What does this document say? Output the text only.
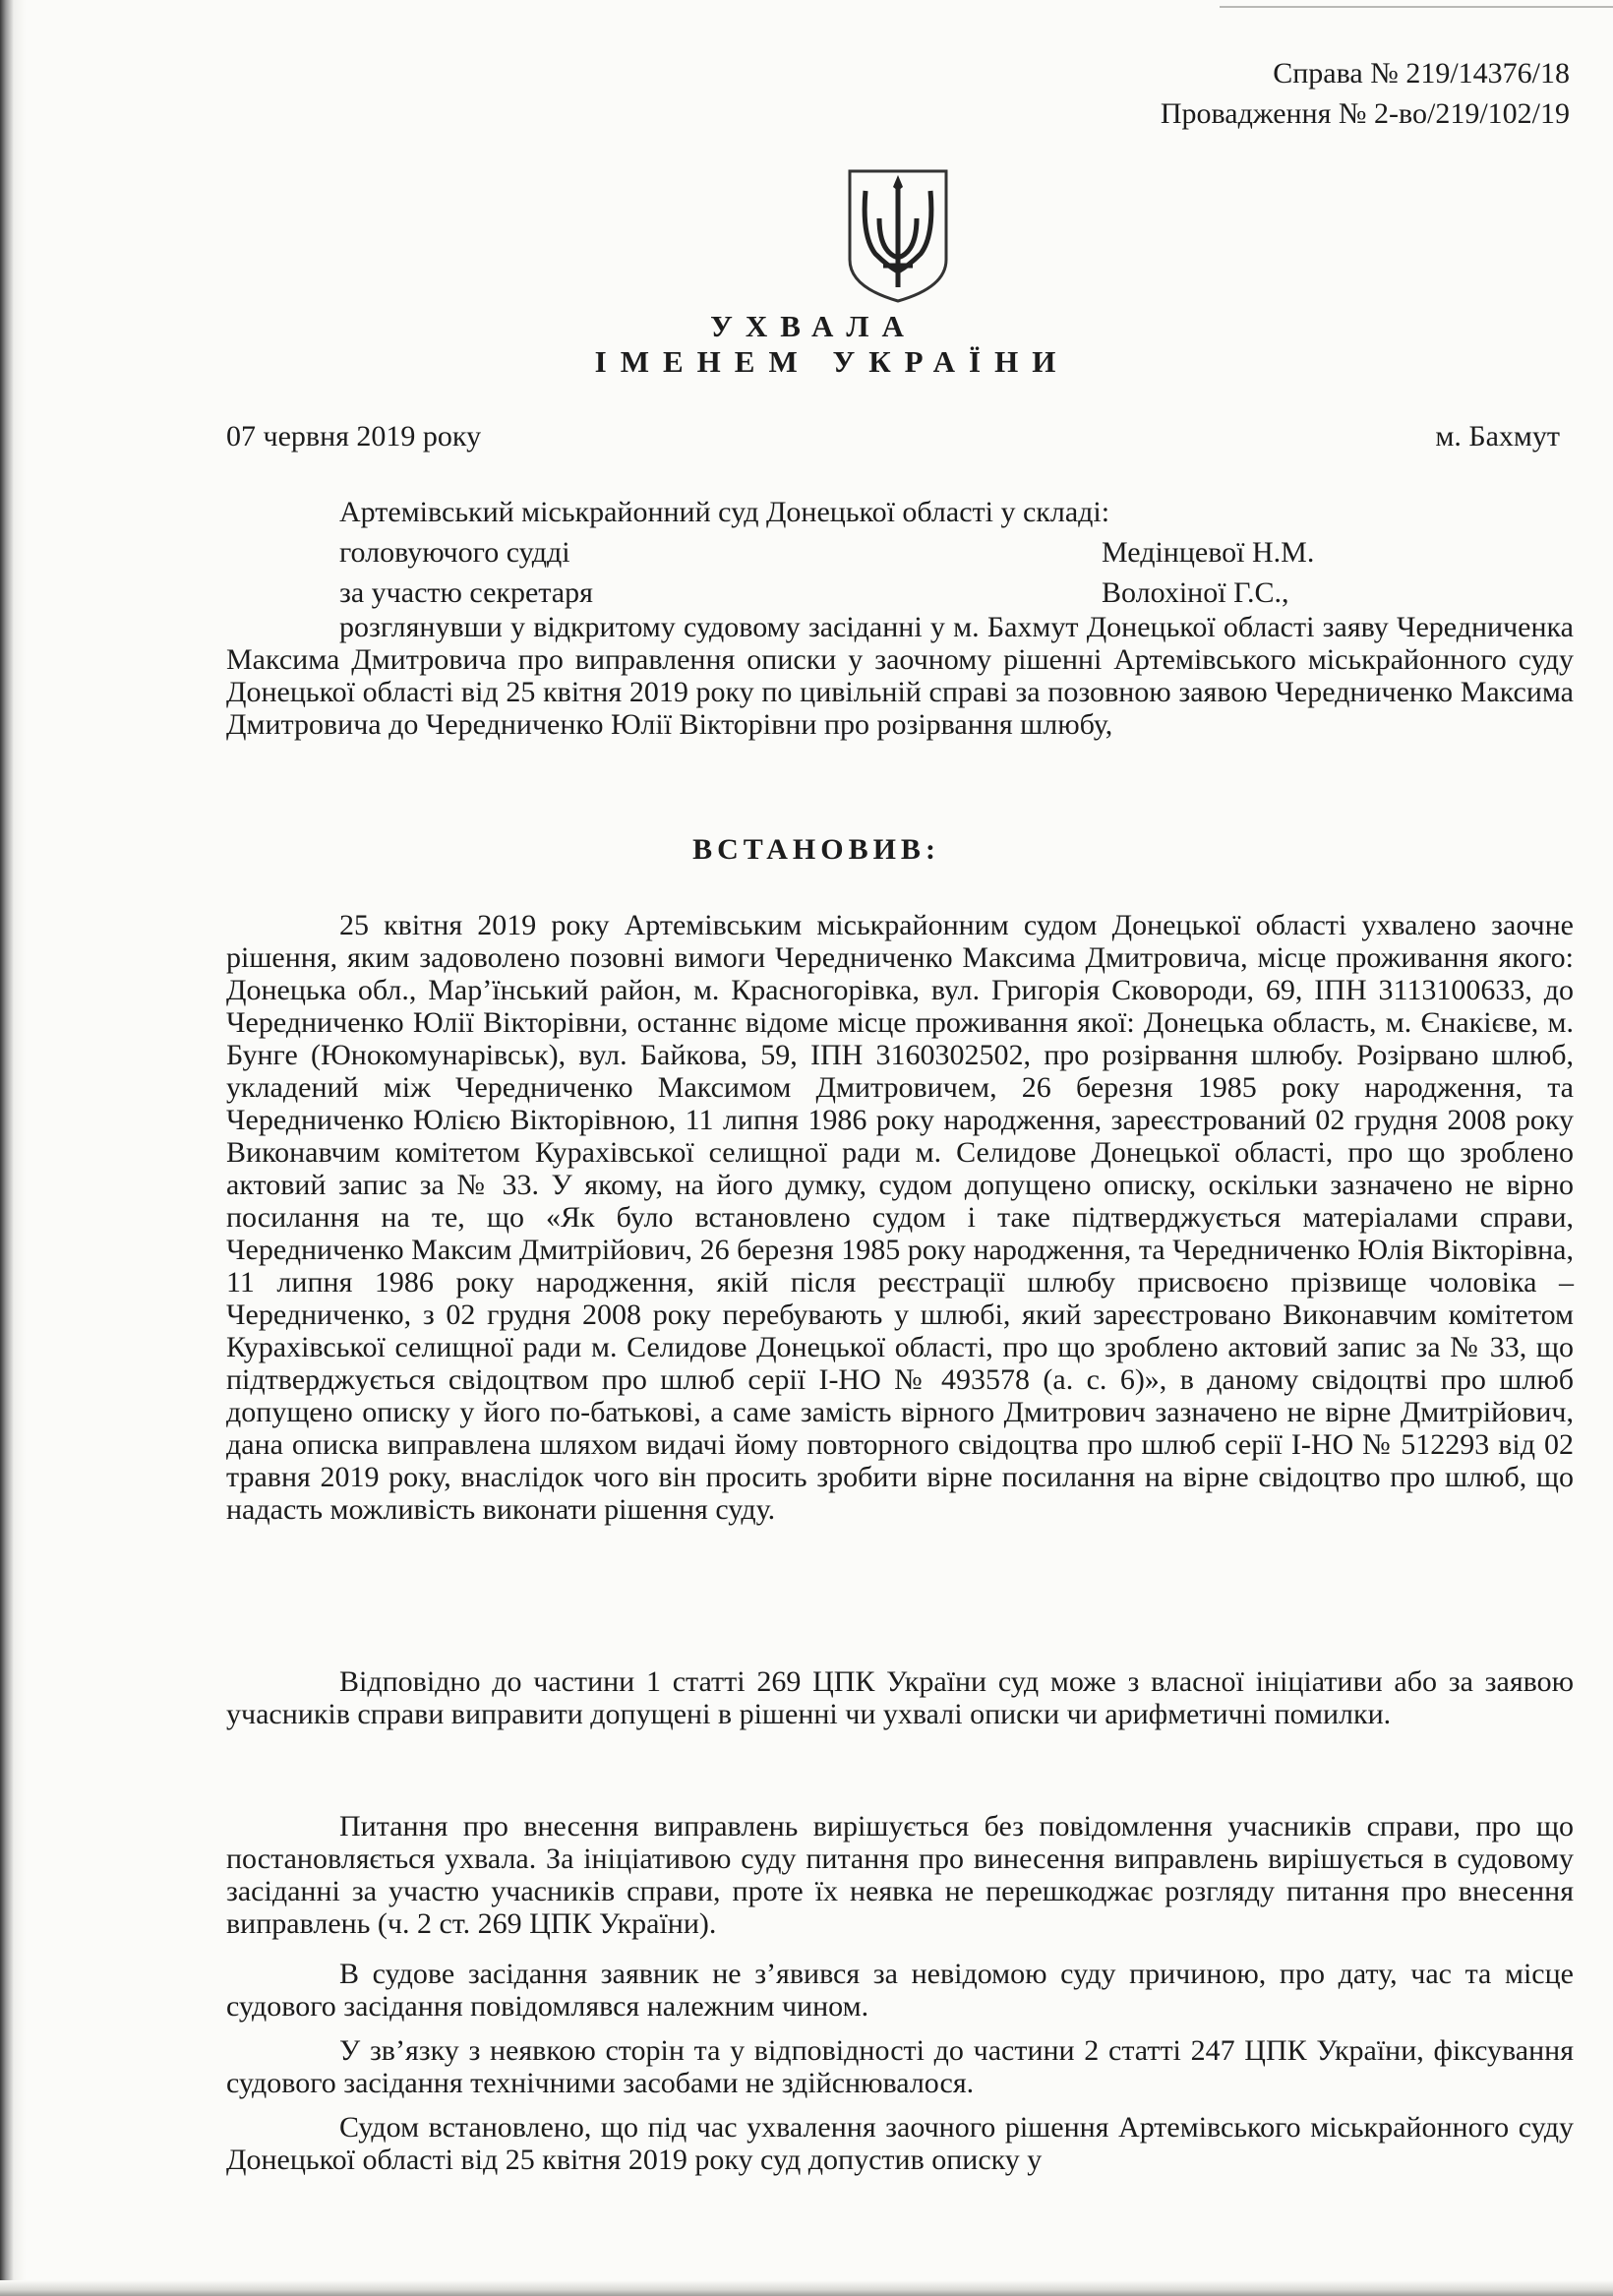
Справа № 219/14376/18
Провадження № 2-во/219/102/19
УХВАЛА
ІМЕНЕМ УКРАЇНИ
07 червня 2019 року	м. Бахмут
Артемівський міськрайонний суд Донецької області у складі:
головуючого судді	Медінцевої Н.М.
за участю секретаря	Волохіної Г.С.,
розглянувши у відкритому судовому засіданні у м. Бахмут Донецької області заяву Чередниченка Максима Дмитровича про виправлення описки у заочному рішенні Артемівського міськрайонного суду Донецької області від 25 квітня 2019 року по цивільній справі за позовною заявою Чередниченко Максима Дмитровича до Чередниченко Юлії Вікторівни про розірвання шлюбу,
ВСТАНОВИВ:
25 квітня 2019 року Артемівським міськрайонним судом Донецької області ухвалено заочне рішення, яким задоволено позовні вимоги Чередниченко Максима Дмитровича, місце проживання якого: Донецька обл., Мар’їнський район, м. Красногорівка, вул. Григорія Сковороди, 69, ІПН 3113100633, до Чередниченко Юлії Вікторівни, останнє відоме місце проживання якої: Донецька область, м. Єнакієве, м. Бунге (Юнокомунарівськ), вул. Байкова, 59, ІПН 3160302502, про розірвання шлюбу. Розірвано шлюб, укладений між Чередниченко Максимом Дмитровичем, 26 березня 1985 року народження, та Чередниченко Юлією Вікторівною, 11 липня 1986 року народження, зареєстрований 02 грудня 2008 року Виконавчим комітетом Курахівської селищної ради м. Селидове Донецької області, про що зроблено актовий запис за № 33. У якому, на його думку, судом допущено описку, оскільки зазначено не вірно посилання на те, що «Як було встановлено судом і таке підтверджується матеріалами справи, Чередниченко Максим Дмитрійович, 26 березня 1985 року народження, та Чередниченко Юлія Вікторівна, 11 липня 1986 року народження, якій після реєстрації шлюбу присвоєно прізвище чоловіка – Чередниченко, з 02 грудня 2008 року перебувають у шлюбі, який зареєстровано Виконавчим комітетом Курахівської селищної ради м. Селидове Донецької області, про що зроблено актовий запис за № 33, що підтверджується свідоцтвом про шлюб серії І-НО № 493578 (а. с. 6)», в даному свідоцтві про шлюб допущено описку у його по-батькові, а саме замість вірного Дмитрович зазначено не вірне Дмитрійович, дана описка виправлена шляхом видачі йому повторного свідоцтва про шлюб серії І-НО № 512293 від 02 травня 2019 року, внаслідок чого він просить зробити вірне посилання на вірне свідоцтво про шлюб, що надасть можливість виконати рішення суду.
Відповідно до частини 1 статті 269 ЦПК України суд може з власної ініціативи або за заявою учасників справи виправити допущені в рішенні чи ухвалі описки чи арифметичні помилки.
Питання про внесення виправлень вирішується без повідомлення учасників справи, про що постановляється ухвала. За ініціативою суду питання про винесення виправлень вирішується в судовому засіданні за участю учасників справи, проте їх неявка не перешкоджає розгляду питання про внесення виправлень (ч. 2 ст. 269 ЦПК України).
В судове засідання заявник не з’явився за невідомою суду причиною, про дату, час та місце судового засідання повідомлявся належним чином.
У зв’язку з неявкою сторін та у відповідності до частини 2 статті 247 ЦПК України, фіксування судового засідання технічними засобами не здійснювалося.
Судом встановлено, що під час ухвалення заочного рішення Артемівського міськрайонного суду Донецької області від 25 квітня 2019 року суд допустив описку у
